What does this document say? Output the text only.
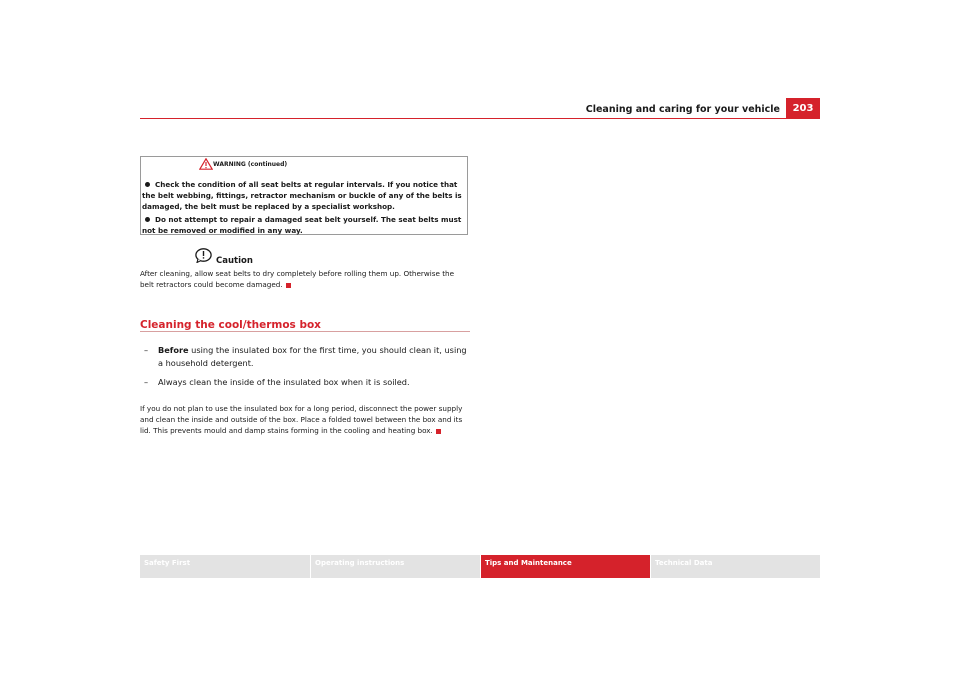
Cleaning and caring for your vehicle	203
WARNING (continued)

Check the condition of all seat belts at regular intervals. If you notice that the belt webbing, fittings, retractor mechanism or buckle of any of the belts is damaged, the belt must be replaced by a specialist workshop.

Do not attempt to repair a damaged seat belt yourself. The seat belts must not be removed or modified in any way.

Caution
After cleaning, allow seat belts to dry completely before rolling them up. Otherwise the belt retractors could become damaged.
Cleaning the cool/thermos box
–	Before using the insulated box for the first time, you should clean it, using a household detergent.
–	Always clean the inside of the insulated box when it is soiled.
If you do not plan to use the insulated box for a long period, disconnect the power supply and clean the inside and outside of the box. Place a folded towel between the box and its lid. This prevents mould and damp stains forming in the cooling and heating box.
Safety First	Operating instructions	Tips and Maintenance	Technical Data
